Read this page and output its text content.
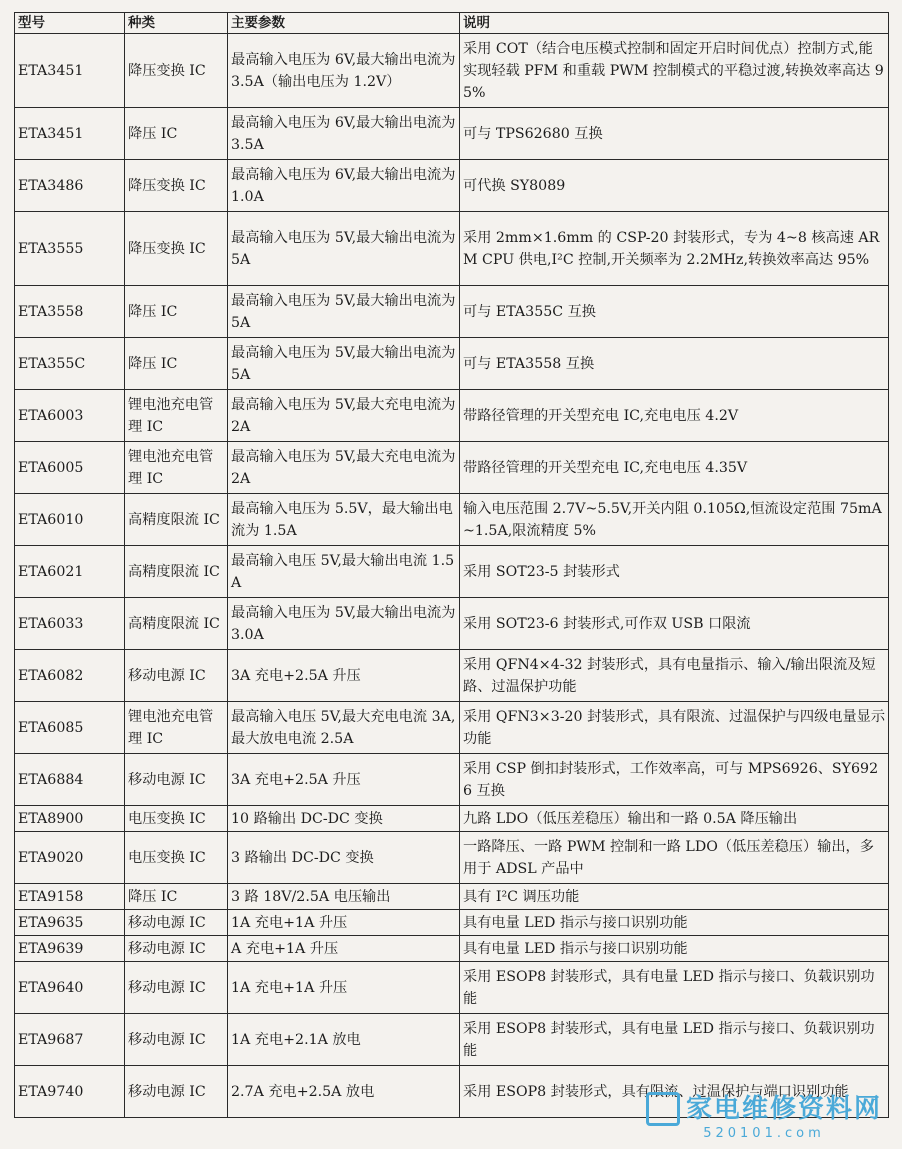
型号	种类	主要参数	说明
ETA3451	降压变换 IC	最高输入电压为 6V,最大输出电流为 3.5A（输出电压为 1.2V）	采用 COT（结合电压模式控制和固定开启时间优点）控制方式,能实现轻载 PFM 和重载 PWM 控制模式的平稳过渡,转换效率高达 95%
ETA3451	降压 IC	最高输入电压为 6V,最大输出电流为 3.5A	可与 TPS62680 互换
ETA3486	降压变换 IC	最高输入电压为 6V,最大输出电流为 1.0A	可代换 SY8089
ETA3555	降压变换 IC	最高输入电压为 5V,最大输出电流为 5A	采用 2mm×1.6mm 的 CSP-20 封装形式，专为 4~8 核高速 ARM CPU 供电,I²C 控制,开关频率为 2.2MHz,转换效率高达 95%
ETA3558	降压 IC	最高输入电压为 5V,最大输出电流为 5A	可与 ETA355C 互换
ETA355C	降压 IC	最高输入电压为 5V,最大输出电流为 5A	可与 ETA3558 互换
ETA6003	锂电池充电管理 IC	最高输入电压为 5V,最大充电电流为 2A	带路径管理的开关型充电 IC,充电电压 4.2V
ETA6005	锂电池充电管理 IC	最高输入电压为 5V,最大充电电流为 2A	带路径管理的开关型充电 IC,充电电压 4.35V
ETA6010	高精度限流 IC	最高输入电压为 5.5V，最大输出电流为 1.5A	输入电压范围 2.7V~5.5V,开关内阻 0.105Ω,恒流设定范围 75mA~1.5A,限流精度 5%
ETA6021	高精度限流 IC	最高输入电压 5V,最大输出电流 1.5A	采用 SOT23-5 封装形式
ETA6033	高精度限流 IC	最高输入电压为 5V,最大输出电流为 3.0A	采用 SOT23-6 封装形式,可作双 USB 口限流
ETA6082	移动电源 IC	3A 充电+2.5A 升压	采用 QFN4×4-32 封装形式，具有电量指示、输入/输出限流及短路、过温保护功能
ETA6085	锂电池充电管理 IC	最高输入电压 5V,最大充电电流 3A,最大放电电流 2.5A	采用 QFN3×3-20 封装形式，具有限流、过温保护与四级电量显示功能
ETA6884	移动电源 IC	3A 充电+2.5A 升压	采用 CSP 倒扣封装形式，工作效率高，可与 MPS6926、SY6926 互换
ETA8900	电压变换 IC	10 路输出 DC-DC 变换	九路 LDO（低压差稳压）输出和一路 0.5A 降压输出
ETA9020	电压变换 IC	3 路输出 DC-DC 变换	一路降压、一路 PWM 控制和一路 LDO（低压差稳压）输出，多用于 ADSL 产品中
ETA9158	降压 IC	3 路 18V/2.5A 电压输出	具有 I²C 调压功能
ETA9635	移动电源 IC	1A 充电+1A 升压	具有电量 LED 指示与接口识别功能
ETA9639	移动电源 IC	A 充电+1A 升压	具有电量 LED 指示与接口识别功能
ETA9640	移动电源 IC	1A 充电+1A 升压	采用 ESOP8 封装形式，具有电量 LED 指示与接口、负载识别功能
ETA9687	移动电源 IC	1A 充电+2.1A 放电	采用 ESOP8 封装形式，具有电量 LED 指示与接口、负载识别功能
ETA9740	移动电源 IC	2.7A 充电+2.5A 放电	采用 ESOP8 封装形式，具有限流、过温保护与端口识别功能
家电维修资料网
520101.com
